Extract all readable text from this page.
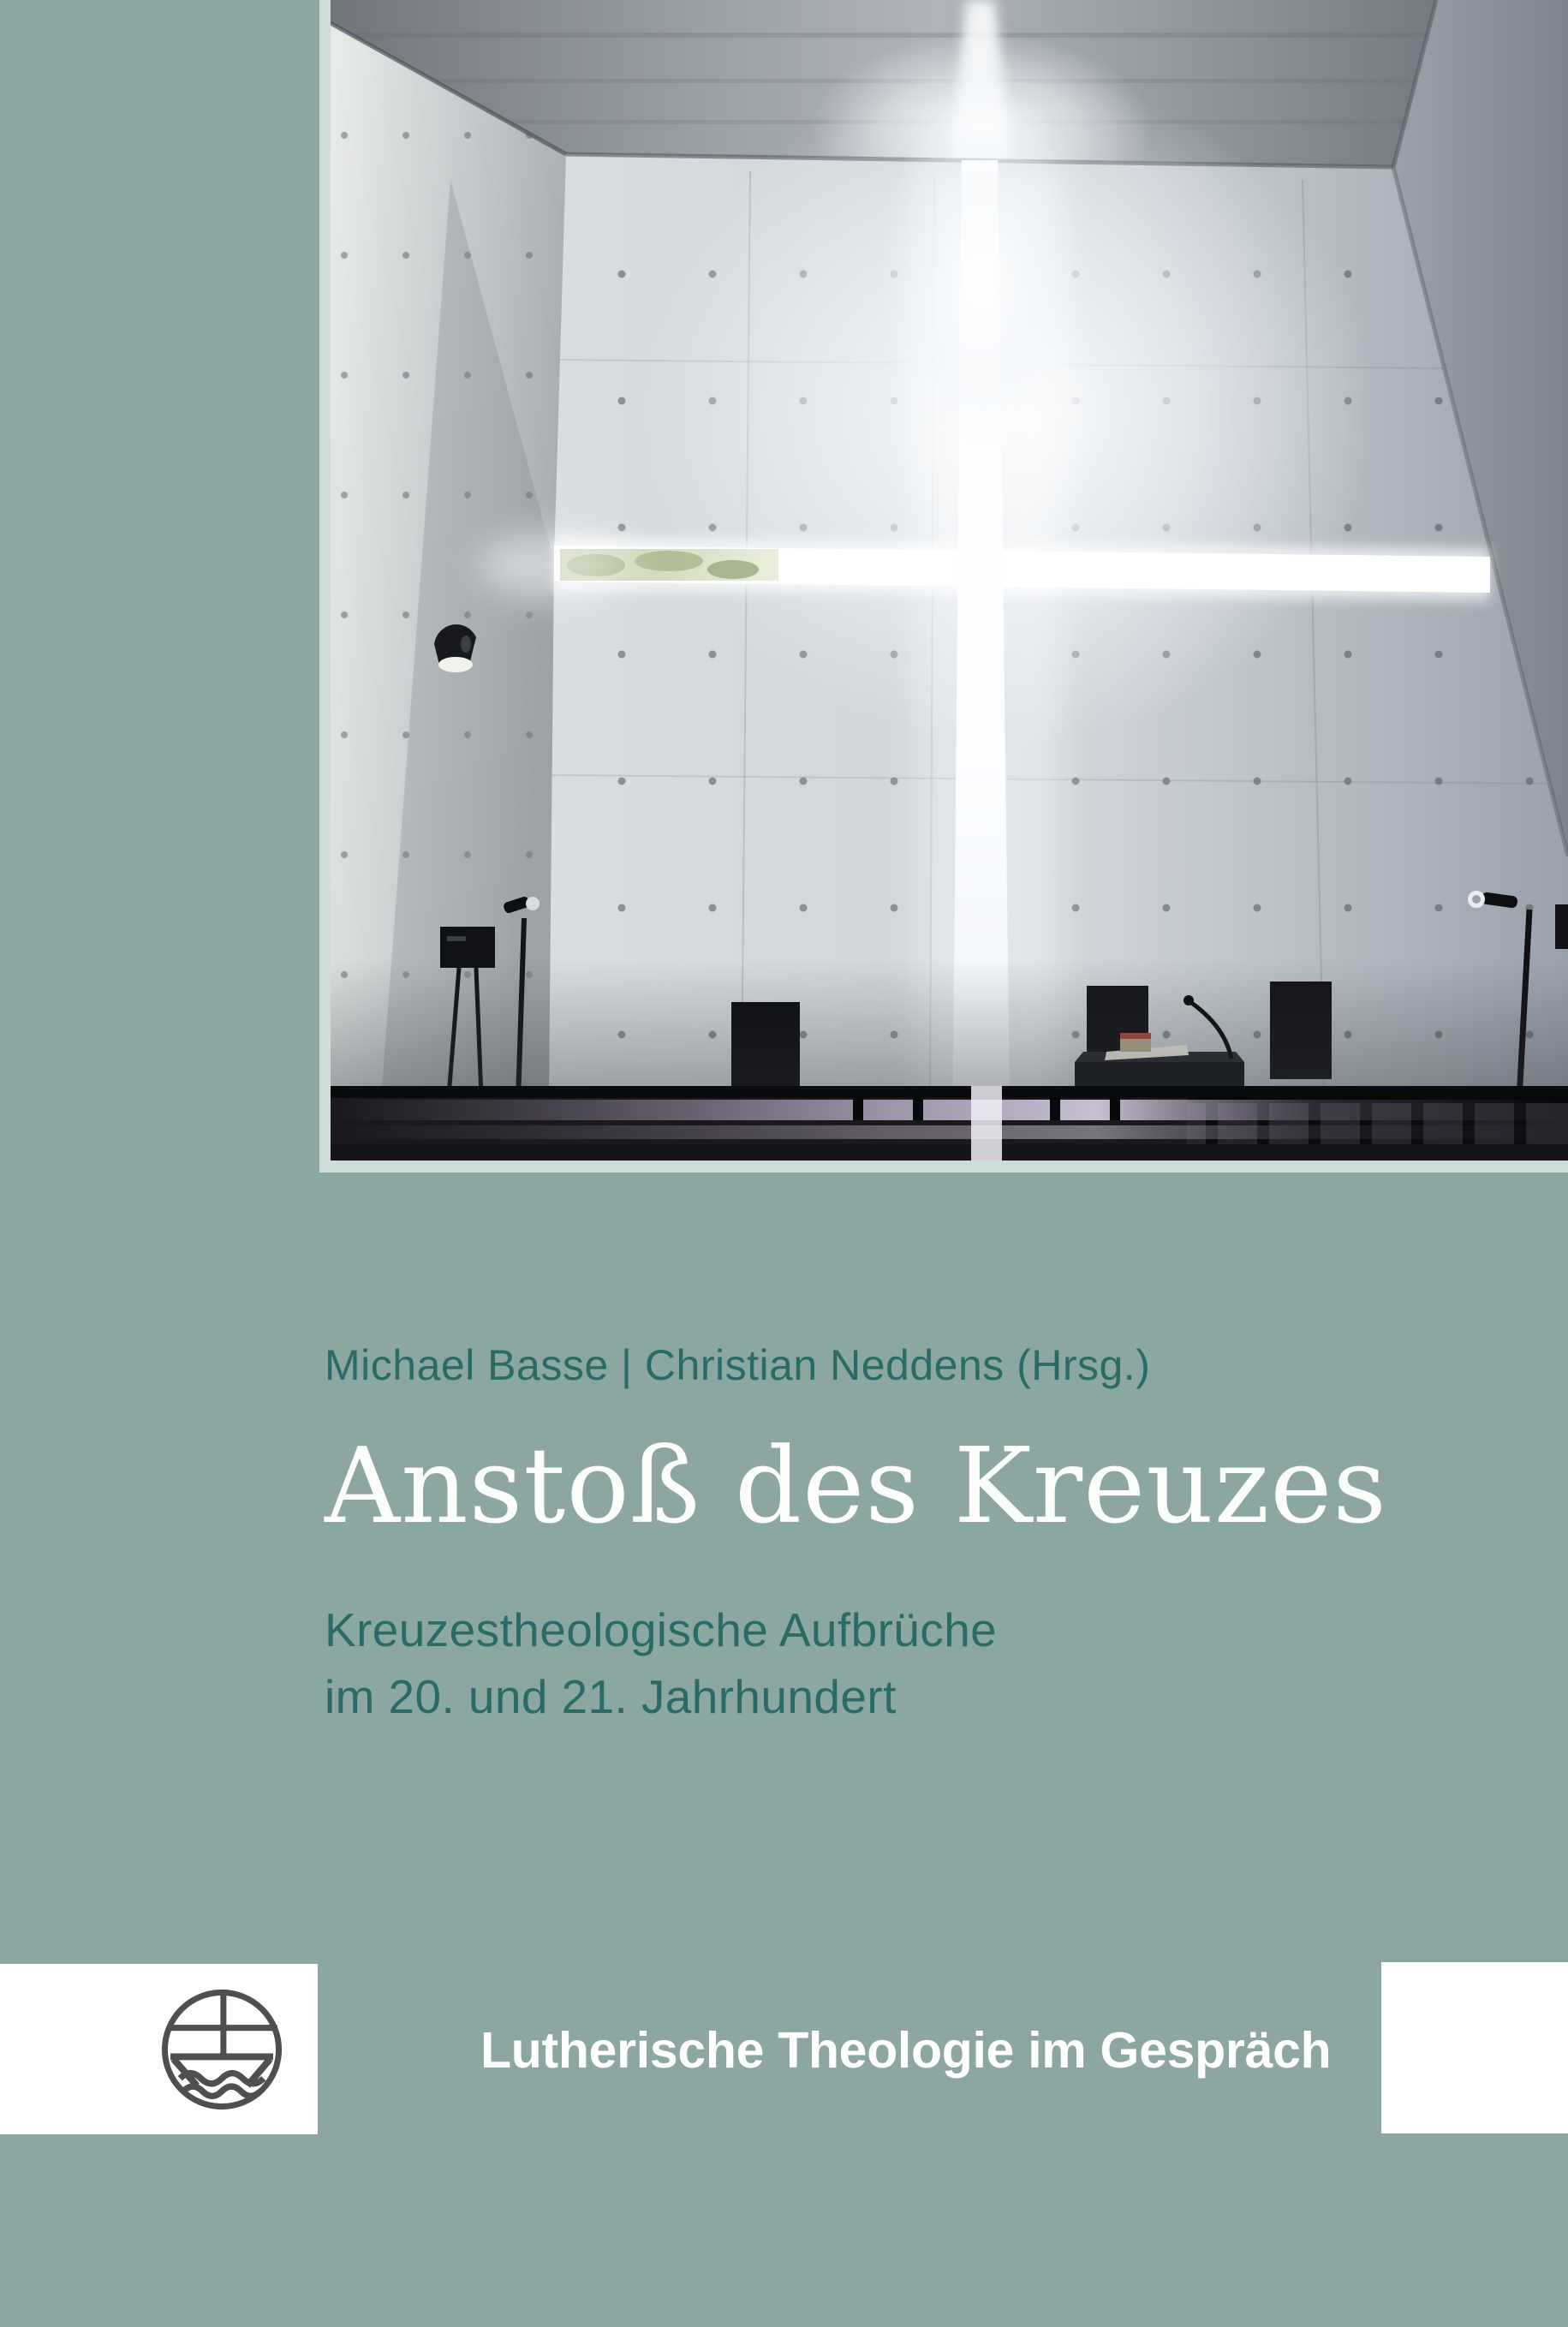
Michael Basse | Christian Neddens (Hrsg.)
Anstoß des Kreuzes
Kreuzestheologische Aufbrüche
im 20. und 21. Jahrhundert
Lutherische Theologie im Gespräch
